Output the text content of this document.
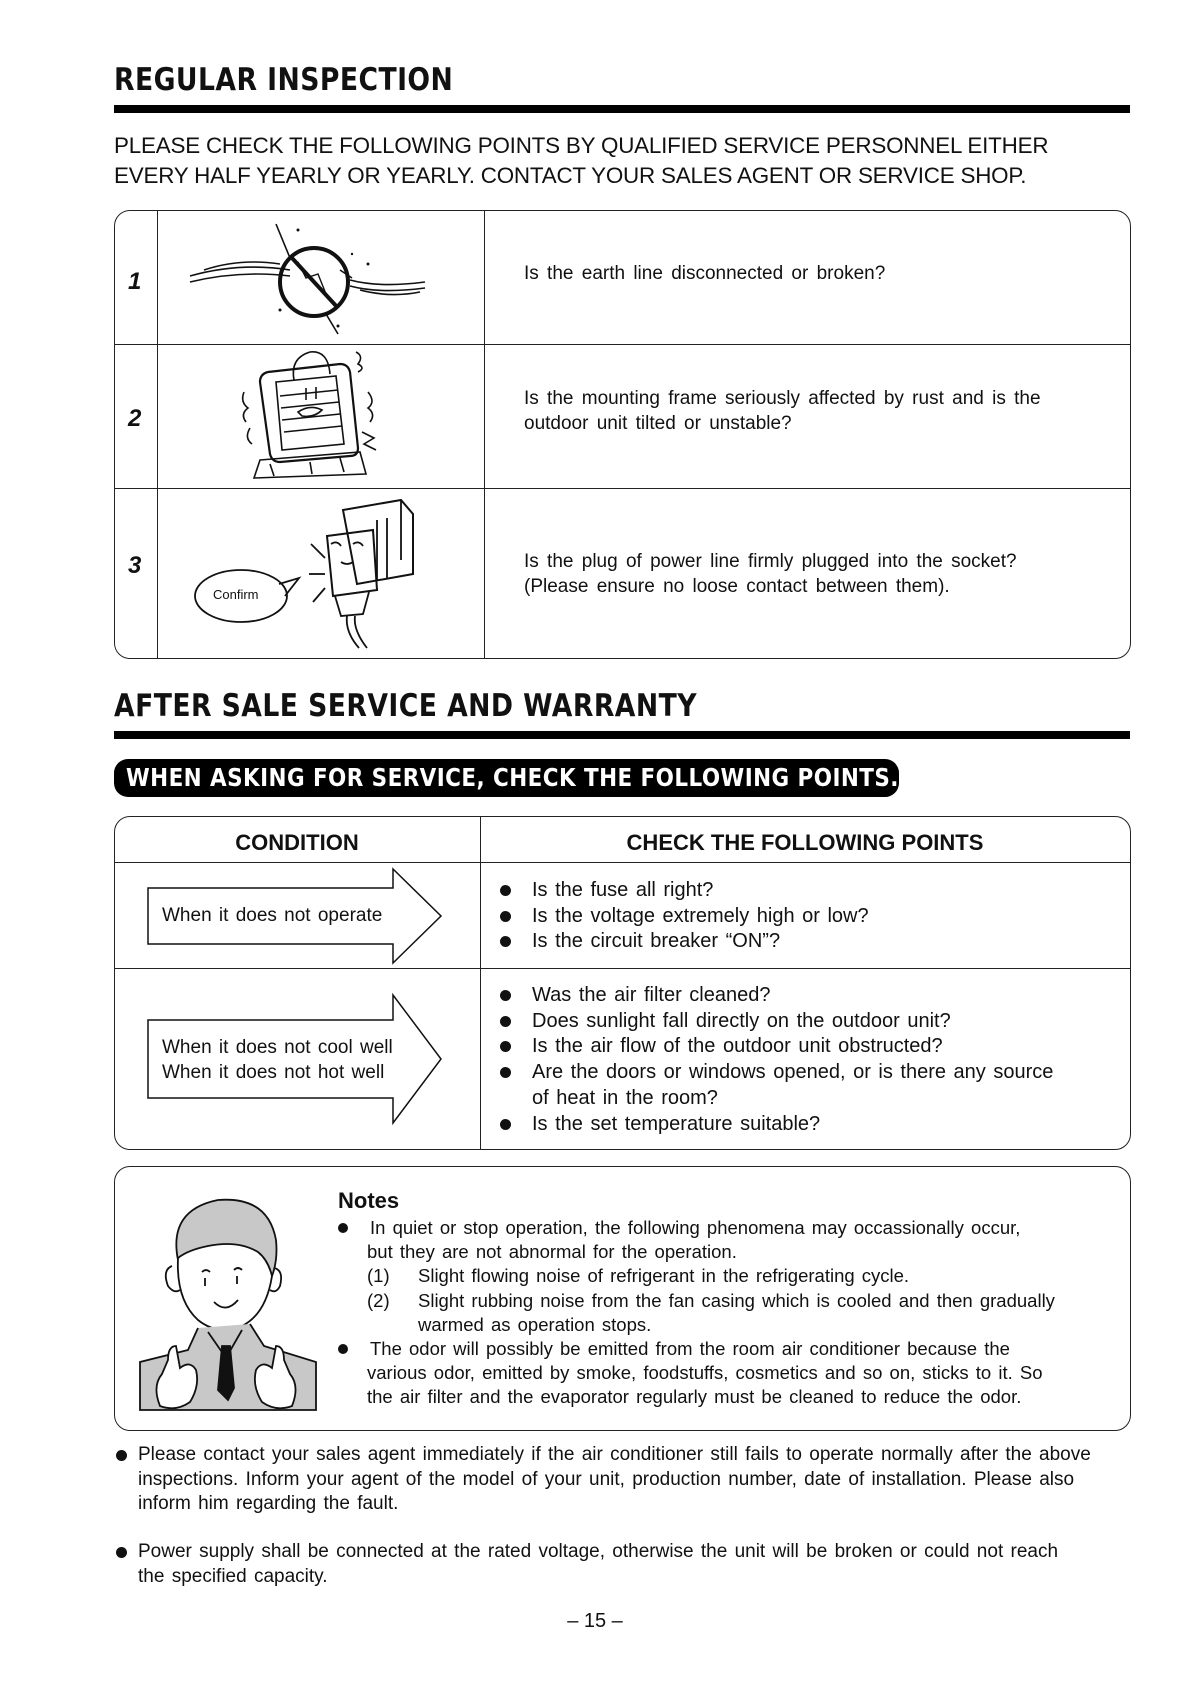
REGULAR INSPECTION
PLEASE CHECK THE FOLLOWING POINTS BY QUALIFIED SERVICE PERSONNEL EITHER
EVERY HALF YEARLY OR YEARLY. CONTACT YOUR SALES AGENT OR SERVICE SHOP.
1	Is the earth line disconnected or broken?
2
Is the mounting frame seriously affected by rust and is the
outdoor unit tilted or unstable?
3
Confirm
Is the plug of power line firmly plugged into the socket?
(Please ensure no loose contact between them).
AFTER SALE SERVICE AND WARRANTY
WHEN ASKING FOR SERVICE, CHECK THE FOLLOWING POINTS.
CONDITION	CHECK THE FOLLOWING POINTS
When it does not operate
When it does not cool well
When it does not hot well
Is the fuse all right?
Is the voltage extremely high or low?
Is the circuit breaker “ON”?
Was the air filter cleaned?
Does sunlight fall directly on the outdoor unit?
Is the air flow of the outdoor unit obstructed?
Are the doors or windows opened, or is there any source
of heat in the room?
Is the set temperature suitable?
Notes
In quiet or stop operation, the following phenomena may occassionally occur,
but they are not abnormal for the operation.
(1) Slight flowing noise of refrigerant in the refrigerating cycle.
(2) Slight rubbing noise from the fan casing which is cooled and then gradually
warmed as operation stops.
The odor will possibly be emitted from the room air conditioner because the
various odor, emitted by smoke, foodstuffs, cosmetics and so on, sticks to it. So
the air filter and the evaporator regularly must be cleaned to reduce the odor.
Please contact your sales agent immediately if the air conditioner still fails to operate normally after the above
inspections. Inform your agent of the model of your unit, production number, date of installation. Please also
inform him regarding the fault.
Power supply shall be connected at the rated voltage, otherwise the unit will be broken or could not reach
the specified capacity.
– 15 –
